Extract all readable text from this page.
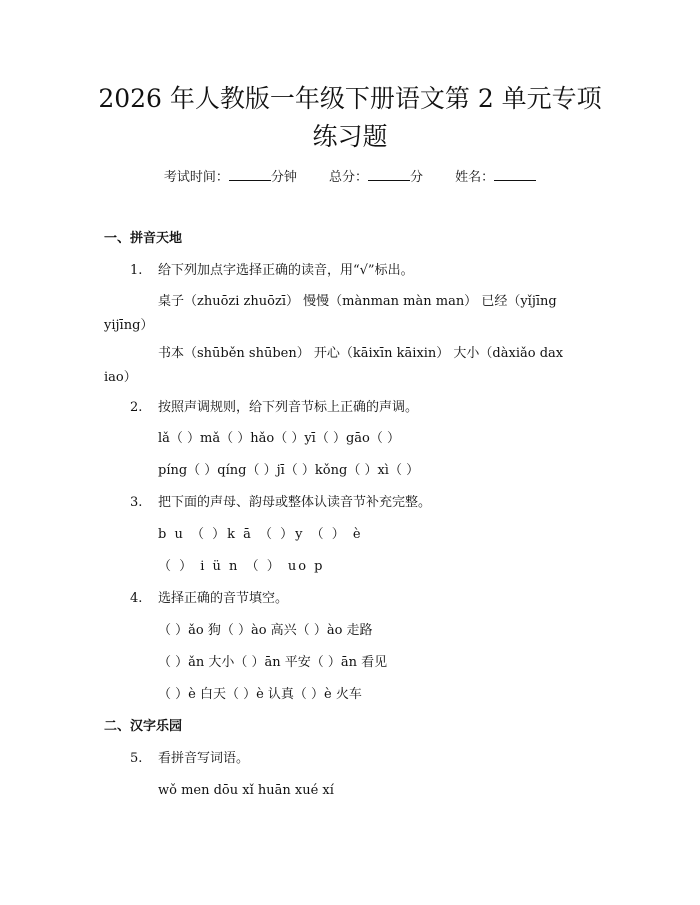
2026 年人教版一年级下册语文第 2 单元专项
练习题
考试时间：	分钟 总分：	分 姓名：
一、拼音天地
1. 给下列加点字选择正确的读音，用“√”标出。
桌子（zhuōzi zhuōzī） 慢慢（mànman màn man） 已经（yǐjīng yijīng）
书本（shūběn shūben） 开心（kāixīn kāixin） 大小（dàxiǎo daxiao）
2. 按照声调规则，给下列音节标上正确的声调。
lǎ（ ）mǎ（ ）hǎo（ ）yī（ ）gāo（ ）
píng（ ）qíng（ ）jī（ ）kǒng（ ）xì（ ）
3. 把下面的声母、韵母或整体认读音节补充完整。
b u （ ）k ā （ ）y （ ） è
（ ） i ü n （ ） uo p
4. 选择正确的音节填空。
（ ）ǎo 狗（ ）ào 高兴（ ）ào 走路
（ ）ǎn 大小（ ）ān 平安（ ）ān 看见
（ ）è 白天（ ）è 认真（ ）è 火车
二、汉字乐园
5. 看拼音写词语。
wǒ men dōu xǐ huān xué xí
